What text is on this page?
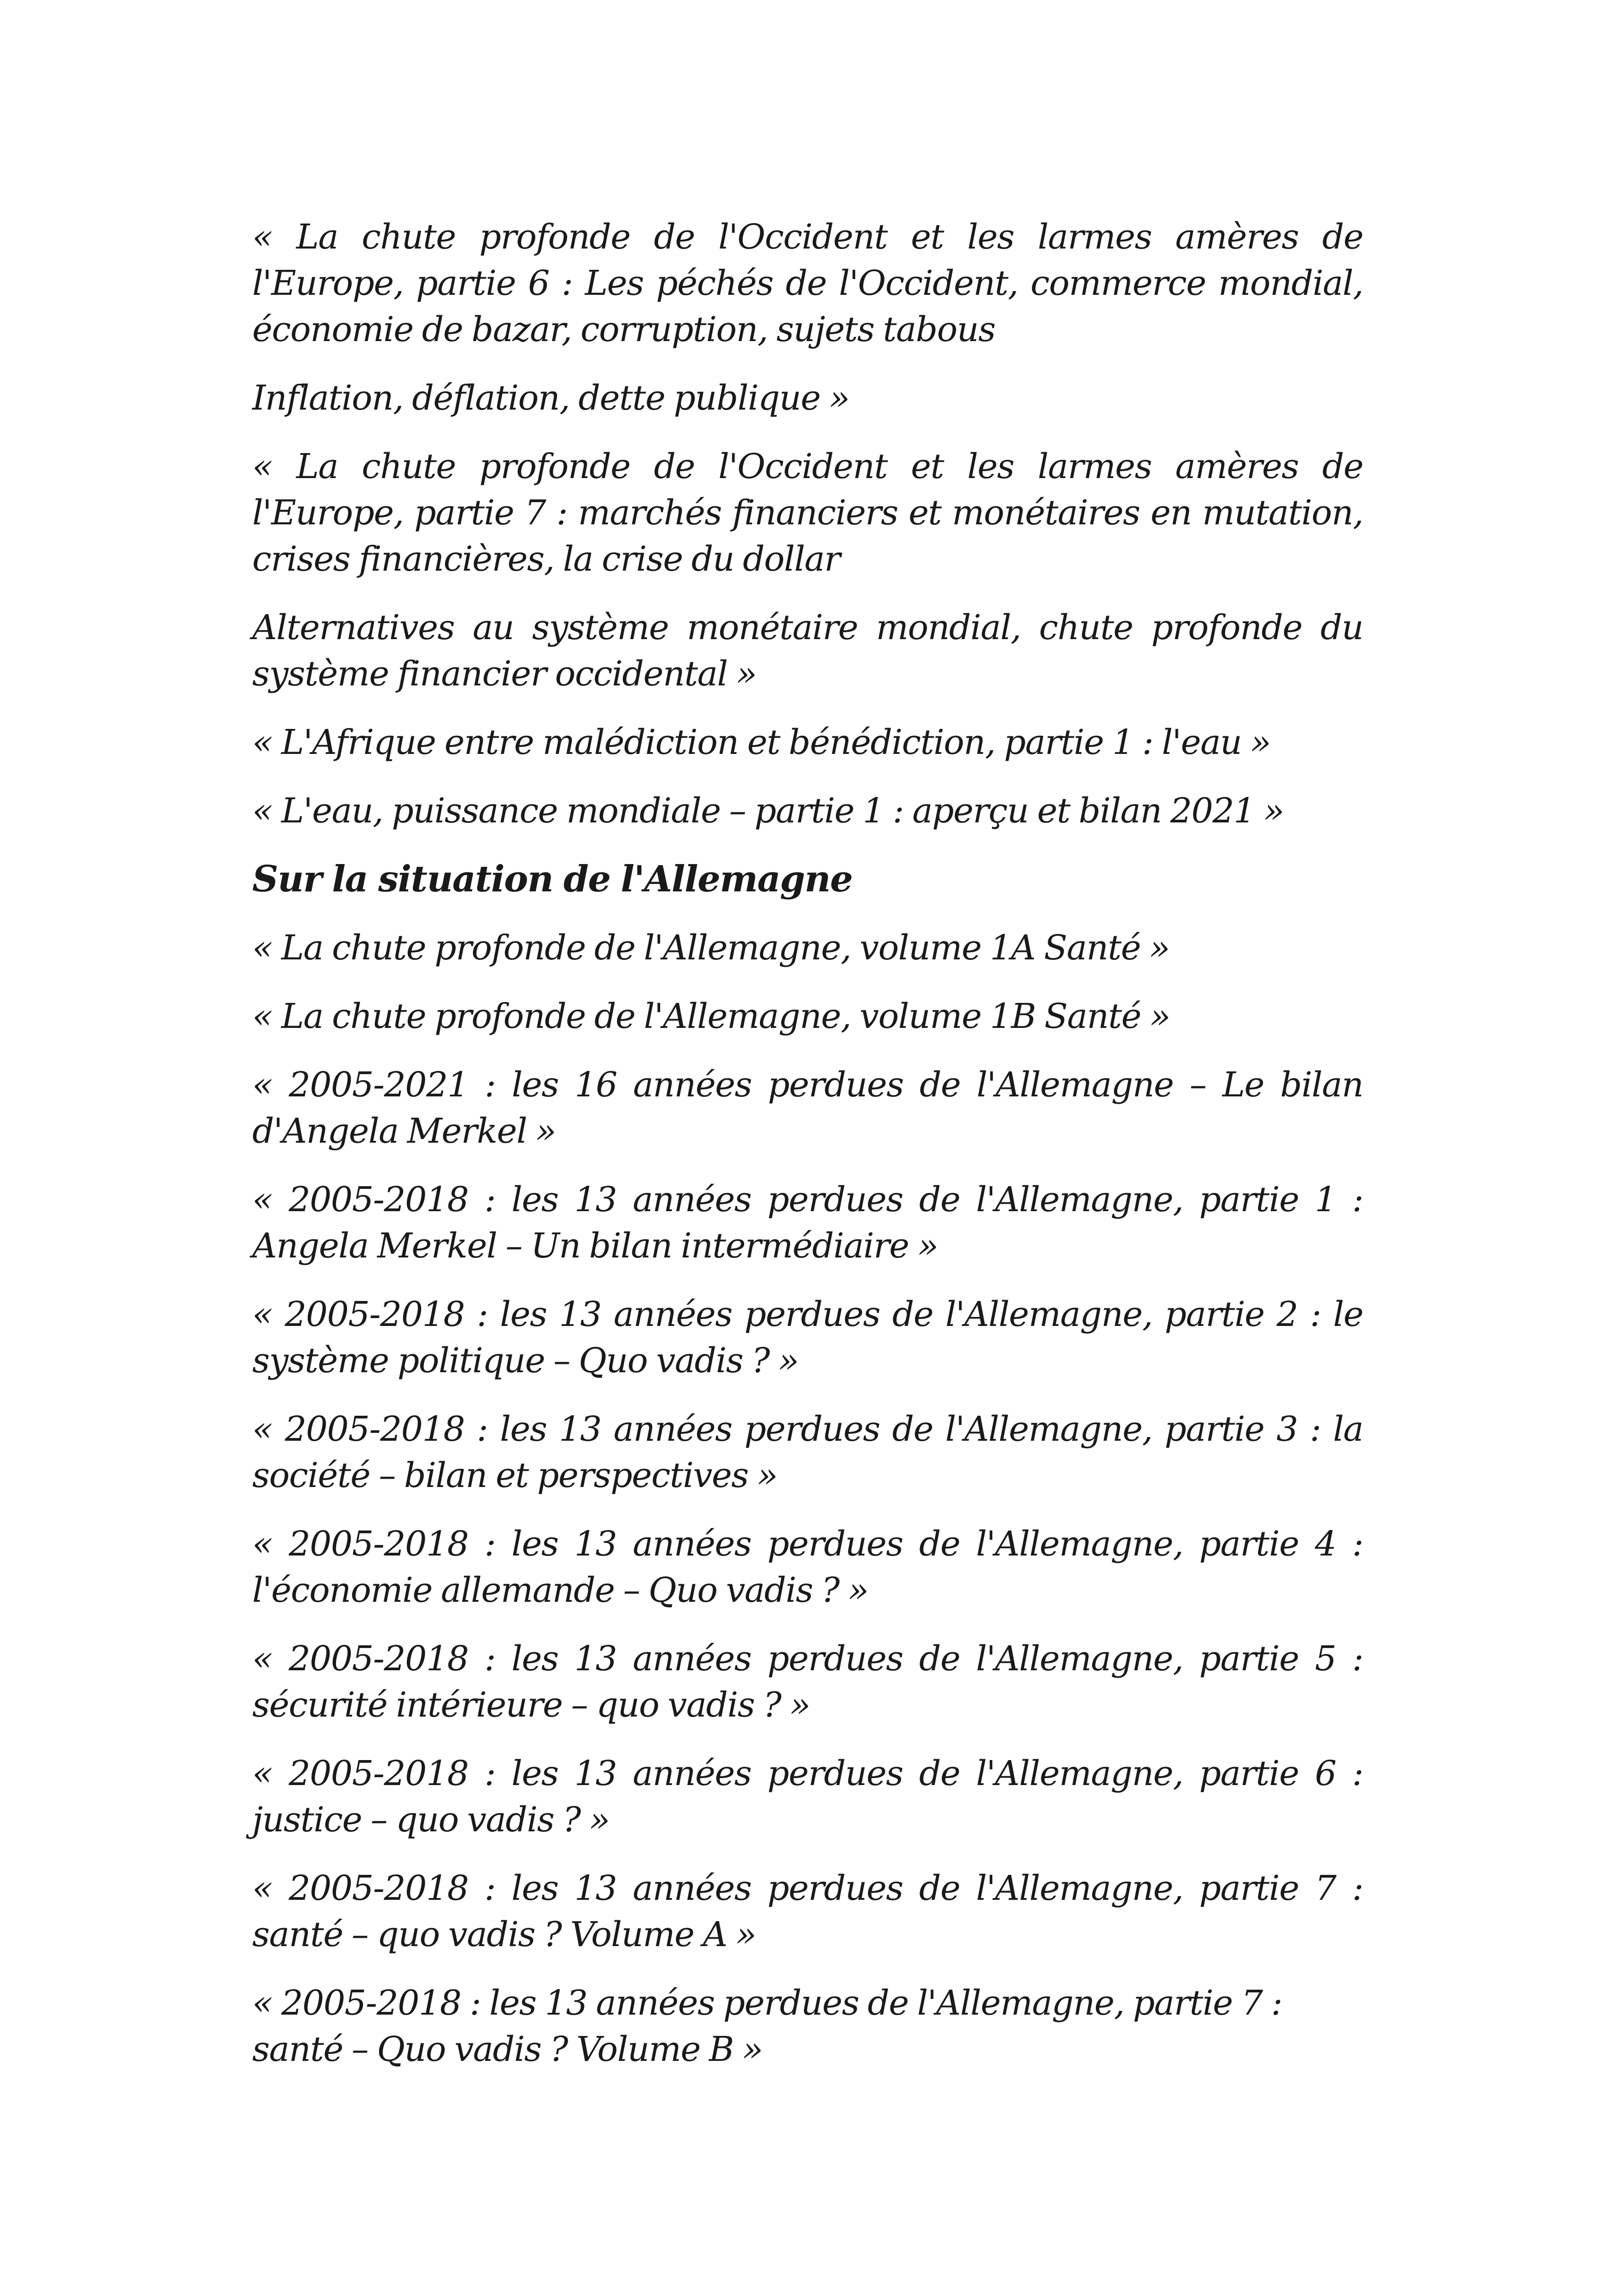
« La chute profonde de l'Occident et les larmes amères de l'Europe, partie 6 : Les péchés de l'Occident, commerce mondial, économie de bazar, corruption, sujets tabous

Inflation, déflation, dette publique »

« La chute profonde de l'Occident et les larmes amères de l'Europe, partie 7 : marchés financiers et monétaires en mutation, crises financières, la crise du dollar

Alternatives au système monétaire mondial, chute profonde du système financier occidental »

« L'Afrique entre malédiction et bénédiction, partie 1 : l'eau »

« L'eau, puissance mondiale – partie 1 : aperçu et bilan 2021 »

Sur la situation de l'Allemagne

« La chute profonde de l'Allemagne, volume 1A Santé »

« La chute profonde de l'Allemagne, volume 1B Santé »

« 2005-2021 : les 16 années perdues de l'Allemagne – Le bilan d'Angela Merkel »

« 2005-2018 : les 13 années perdues de l'Allemagne, partie 1 : Angela Merkel – Un bilan intermédiaire »

« 2005-2018 : les 13 années perdues de l'Allemagne, partie 2 : le système politique – Quo vadis ? »

« 2005-2018 : les 13 années perdues de l'Allemagne, partie 3 : la société – bilan et perspectives »

« 2005-2018 : les 13 années perdues de l'Allemagne, partie 4 : l'économie allemande – Quo vadis ? »

« 2005-2018 : les 13 années perdues de l'Allemagne, partie 5 : sécurité intérieure – quo vadis ? »

« 2005-2018 : les 13 années perdues de l'Allemagne, partie 6 : justice – quo vadis ? »

« 2005-2018 : les 13 années perdues de l'Allemagne, partie 7 : santé – quo vadis ? Volume A »

« 2005-2018 : les 13 années perdues de l'Allemagne, partie 7 : santé – Quo vadis ? Volume B »
